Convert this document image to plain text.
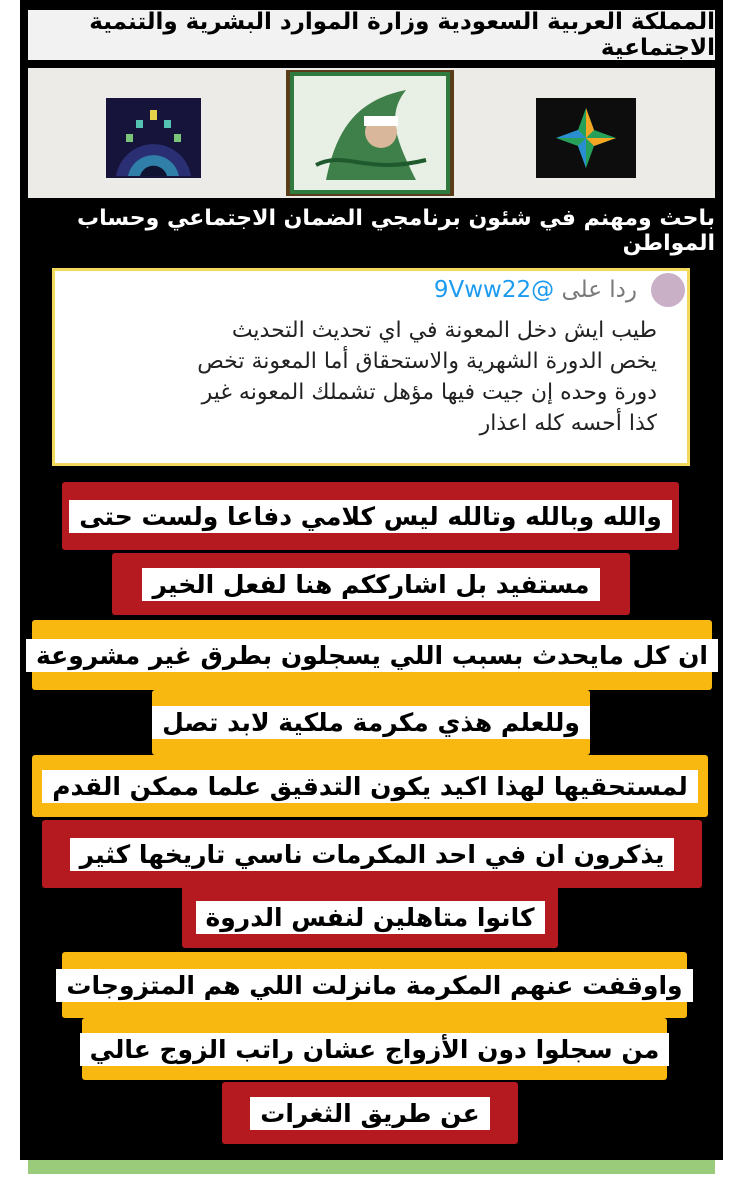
المملكة العربية السعودية وزارة الموارد البشرية والتنمية الاجتماعية
باحث ومهنم في شئون برنامجي الضمان الاجتماعي وحساب المواطن
ردا على @9Vww22
طيب ايش دخل المعونة في اي تحديث التحديث
يخص الدورة الشهرية والاستحقاق أما المعونة تخص
دورة وحده إن جيت فيها مؤهل تشملك المعونه غير
كذا أحسه كله اعذار
والله وبالله وتالله ليس كلامي دفاعا ولست حتى
مستفيد بل اشارككم هنا لفعل الخير
ان كل مايحدث بسبب اللي يسجلون بطرق غير مشروعة
وللعلم هذي مكرمة ملكية لابد تصل
لمستحقيها لهذا اكيد يكون التدقيق علما ممكن القدم
يذكرون ان في احد المكرمات ناسي تاريخها كثير
كانوا متاهلين لنفس الدروة
واوقفت عنهم المكرمة مانزلت اللي هم المتزوجات
من سجلوا دون الأزواج عشان راتب الزوج عالي
عن طريق الثغرات
